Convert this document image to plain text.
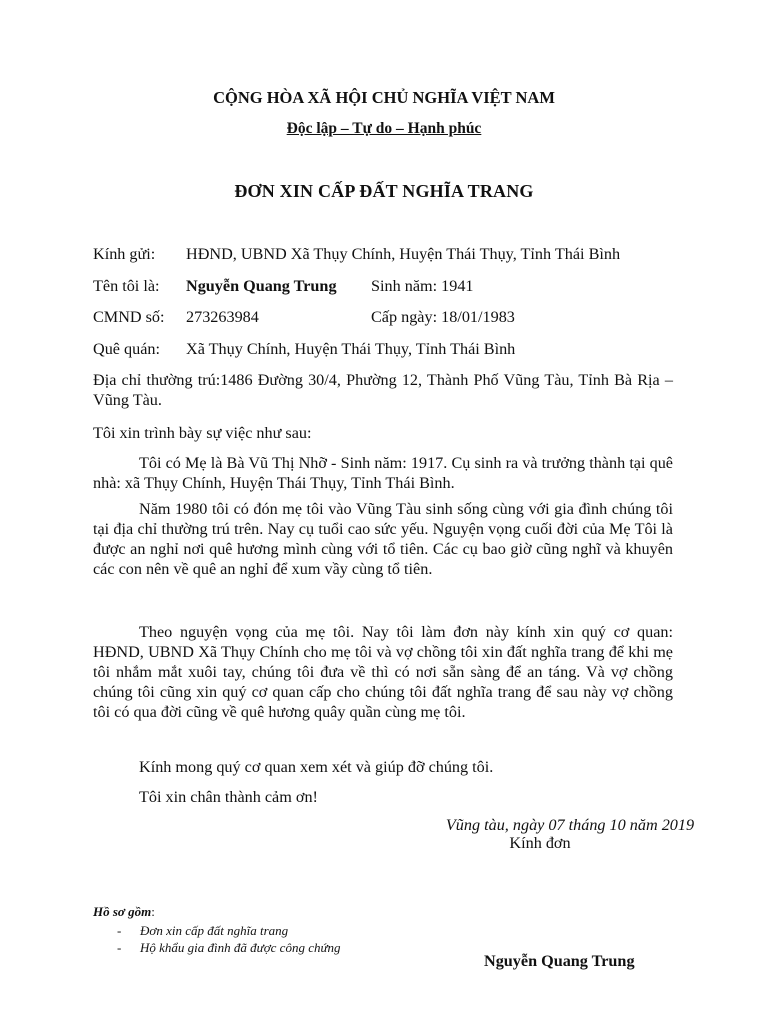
CỘNG HÒA XÃ HỘI CHỦ NGHĨA VIỆT NAM
Độc lập – Tự do – Hạnh phúc
ĐƠN XIN CẤP ĐẤT NGHĨA TRANG
Kính gửi: HĐND, UBND Xã Thụy Chính, Huyện Thái Thụy, Tỉnh Thái Bình
Tên tôi là: Nguyễn Quang Trung Sinh năm: 1941
CMND số: 273263984	Cấp ngày: 18/01/1983
Quê quán: Xã Thụy Chính, Huyện Thái Thụy, Tỉnh Thái Bình
Địa chỉ thường trú:1486 Đường 30/4, Phường 12, Thành Phố Vũng Tàu, Tỉnh Bà Rịa – Vũng Tàu.
Tôi xin trình bày sự việc như sau:
Tôi có Mẹ là Bà Vũ Thị Nhỡ - Sinh năm: 1917. Cụ sinh ra và trưởng thành tại quê nhà: xã Thụy Chính, Huyện Thái Thụy, Tỉnh Thái Bình.
Năm 1980 tôi có đón mẹ tôi vào Vũng Tàu sinh sống cùng với gia đình chúng tôi tại địa chỉ thường trú trên. Nay cụ tuổi cao sức yếu. Nguyện vọng cuối đời của Mẹ Tôi là được an nghỉ nơi quê hương mình cùng với tổ tiên. Các cụ bao giờ cũng nghĩ và khuyên các con nên về quê an nghỉ để xum vầy cùng tổ tiên.
Theo nguyện vọng của mẹ tôi. Nay tôi làm đơn này kính xin quý cơ quan: HĐND, UBND Xã Thụy Chính cho mẹ tôi và vợ chồng tôi xin đất nghĩa trang để khi mẹ tôi nhắm mắt xuôi tay, chúng tôi đưa về thì có nơi sẵn sàng để an táng. Và vợ chồng chúng tôi cũng xin quý cơ quan cấp cho chúng tôi đất nghĩa trang để sau này vợ chồng tôi có qua đời cũng về quê hương quây quần cùng mẹ tôi.
Kính mong quý cơ quan xem xét và giúp đỡ chúng tôi.
Tôi xin chân thành cảm ơn!
Vũng tàu, ngày 07 tháng 10 năm 2019
Kính đơn
Hồ sơ gồm:
- Đơn xin cấp đất nghĩa trang
- Hộ khẩu gia đình đã được công chứng
Nguyễn Quang Trung
